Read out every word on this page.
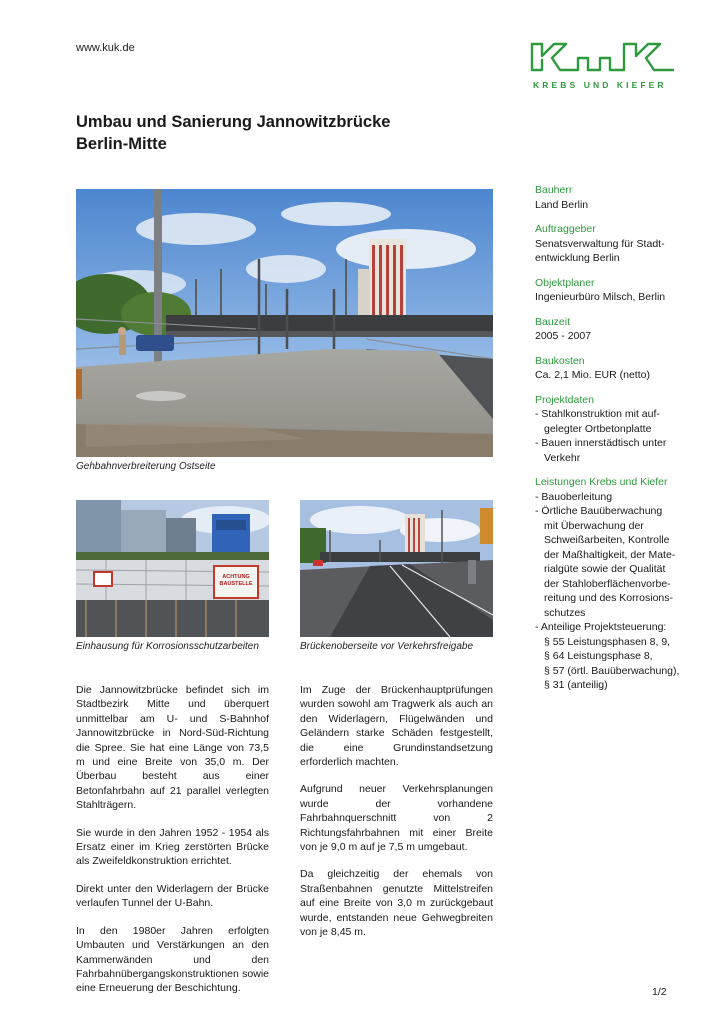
www.kuk.de
KREBS UND KIEFER
Umbau und Sanierung Jannowitzbrücke
Berlin-Mitte
Gehbahnverbreiterung Ostseite
ACHTUNG
BAUSTELLE
Einhausung für Korrosionsschutzarbeiten	Brückenoberseite vor Verkehrsfreigabe
Bauherr
Land Berlin
Auftraggeber
Senatsverwaltung für Stadt-
entwicklung Berlin
Objektplaner
Ingenieurbüro Milsch, Berlin
Bauzeit
2005 - 2007
Baukosten
Ca. 2,1 Mio. EUR (netto)
Projektdaten
- Stahlkonstruktion mit auf-
gelegter Ortbetonplatte
- Bauen innerstädtisch unter
Verkehr
Leistungen Krebs und Kiefer
- Bauoberleitung
- Örtliche Bauüberwachung
mit Überwachung der
Schweißarbeiten, Kontrolle
der Maßhaltigkeit, der Mate-
rialgüte sowie der Qualität
der Stahloberflächenvorbe-
reitung und des Korrosions-
schutzes
- Anteilige Projektsteuerung:
§ 55 Leistungsphasen 8, 9,
§ 64 Leistungsphase 8,
§ 57 (örtl. Bauüberwachung),
§ 31 (anteilig)

Die Jannowitzbrücke befindet sich im Stadtbezirk Mitte und überquert unmittelbar am U- und S-Bahnhof Jannowitzbrücke in Nord-Süd-Richtung die Spree. Sie hat eine Länge von 73,5 m und eine Breite von 35,0 m. Der Überbau besteht aus einer Betonfahrbahn auf 21 parallel verlegten Stahlträgern.

Sie wurde in den Jahren 1952 - 1954 als Ersatz einer im Krieg zerstörten Brücke als Zweifeldkonstruktion errichtet.

Direkt unter den Widerlagern der Brücke verlaufen Tunnel der U-Bahn.

In den 1980er Jahren erfolgten Umbauten und Verstärkungen an den Kammerwänden und den Fahrbahnübergangskonstruktionen sowie eine Erneuerung der Beschichtung.

Im Zuge der Brückenhauptprüfungen wurden sowohl am Tragwerk als auch an den Widerlagern, Flügelwänden und Geländern starke Schäden festgestellt, die eine Grundinstandsetzung erforderlich machten.

Aufgrund neuer Verkehrsplanungen wurde der vorhandene Fahrbahnquerschnitt von 2 Richtungsfahrbahnen mit einer Breite von je 9,0 m auf je 7,5 m umgebaut.

Da gleichzeitig der ehemals von Straßenbahnen genutzte Mittelstreifen auf eine Breite von 3,0 m zurückgebaut wurde, entstanden neue Gehwegbreiten von je 8,45 m.

1/2
